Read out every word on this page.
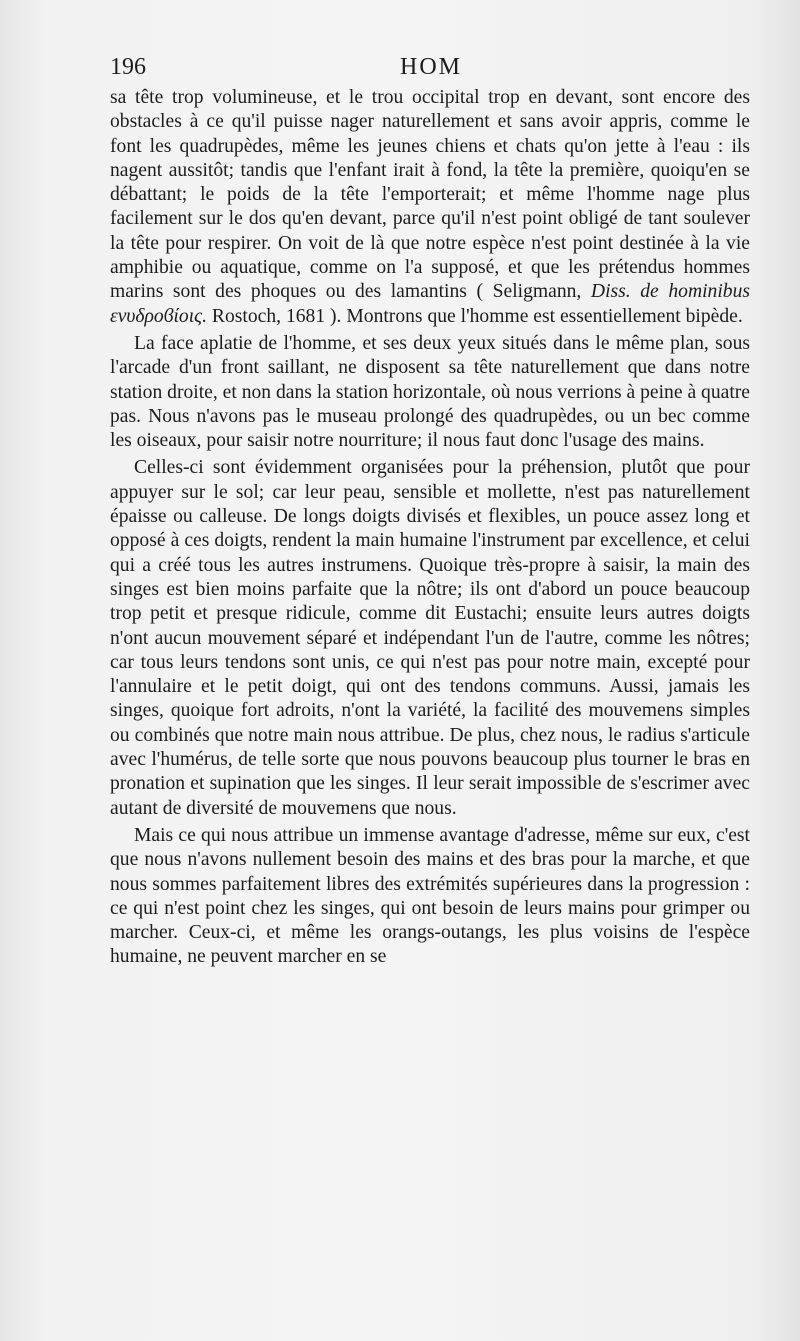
196	HOM

sa tête trop volumineuse, et le trou occipital trop en devant, sont encore des obstacles à ce qu'il puisse nager naturellement et sans avoir appris, comme le font les quadrupèdes, même les jeunes chiens et chats qu'on jette à l'eau : ils nagent aussitôt; tandis que l'enfant irait à fond, la tête la première, quoiqu'en se débattant; le poids de la tête l'emporterait; et même l'homme nage plus facilement sur le dos qu'en devant, parce qu'il n'est point obligé de tant soulever la tête pour respirer. On voit de là que notre espèce n'est point destinée à la vie amphibie ou aquatique, comme on l'a supposé, et que les prétendus hommes marins sont des phoques ou des lamantins ( Seligmann, Diss. de hominibus ενυδροϐίοις. Rostoch, 1681 ). Montrons que l'homme est essentiellement bipède.

La face aplatie de l'homme, et ses deux yeux situés dans le même plan, sous l'arcade d'un front saillant, ne disposent sa tête naturellement que dans notre station droite, et non dans la station horizontale, où nous verrions à peine à quatre pas. Nous n'avons pas le museau prolongé des quadrupèdes, ou un bec comme les oiseaux, pour saisir notre nourriture; il nous faut donc l'usage des mains.

Celles-ci sont évidemment organisées pour la préhension, plutôt que pour appuyer sur le sol; car leur peau, sensible et mollette, n'est pas naturellement épaisse ou calleuse. De longs doigts divisés et flexibles, un pouce assez long et opposé à ces doigts, rendent la main humaine l'instrument par excellence, et celui qui a créé tous les autres instrumens. Quoique très-propre à saisir, la main des singes est bien moins parfaite que la nôtre; ils ont d'abord un pouce beaucoup trop petit et presque ridicule, comme dit Eustachi; ensuite leurs autres doigts n'ont aucun mouvement séparé et indépendant l'un de l'autre, comme les nôtres; car tous leurs tendons sont unis, ce qui n'est pas pour notre main, excepté pour l'annulaire et le petit doigt, qui ont des tendons communs. Aussi, jamais les singes, quoique fort adroits, n'ont la variété, la facilité des mouvemens simples ou combinés que notre main nous attribue. De plus, chez nous, le radius s'articule avec l'humérus, de telle sorte que nous pouvons beaucoup plus tourner le bras en pronation et supination que les singes. Il leur serait impossible de s'escrimer avec autant de diversité de mouvemens que nous.

Mais ce qui nous attribue un immense avantage d'adresse, même sur eux, c'est que nous n'avons nullement besoin des mains et des bras pour la marche, et que nous sommes parfaitement libres des extrémités supérieures dans la progression : ce qui n'est point chez les singes, qui ont besoin de leurs mains pour grimper ou marcher. Ceux-ci, et même les orangs-outangs, les plus voisins de l'espèce humaine, ne peuvent marcher en se
